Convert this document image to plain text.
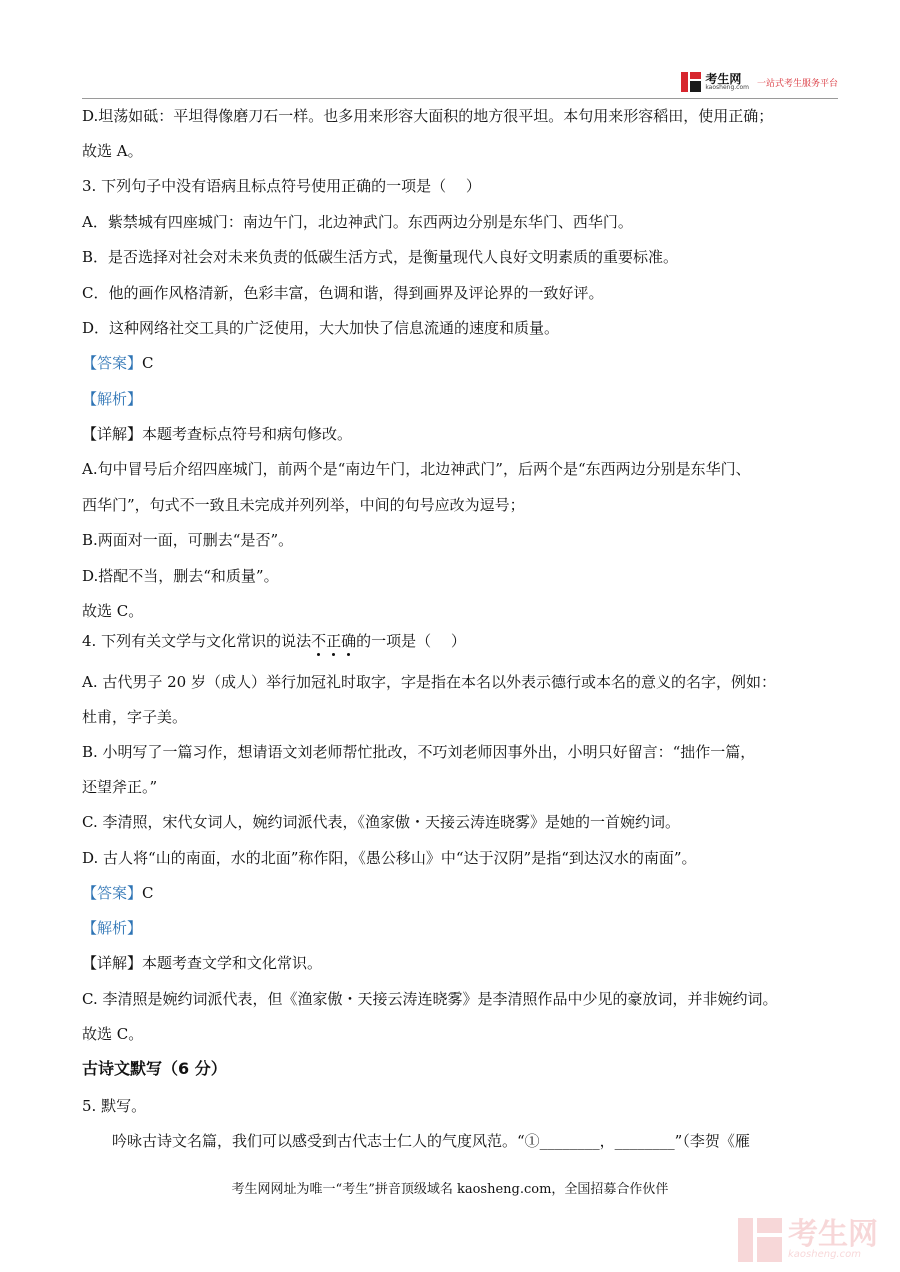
考生网
kaosheng.com 一站式考生服务平台
D.坦荡如砥：平坦得像磨刀石一样。也多用来形容大面积的地方很平坦。本句用来形容稻田，使用正确；
故选 A。
3. 下列句子中没有语病且标点符号使用正确的一项是（　 ）
A．紫禁城有四座城门：南边午门，北边神武门。东西两边分别是东华门、西华门。
B．是否选择对社会对未来负责的低碳生活方式，是衡量现代人良好文明素质的重要标准。
C．他的画作风格清新，色彩丰富，色调和谐，得到画界及评论界的一致好评。
D．这种网络社交工具的广泛使用，大大加快了信息流通的速度和质量。
【答案】C
【解析】
【详解】本题考查标点符号和病句修改。
A.句中冒号后介绍四座城门，前两个是“南边午门，北边神武门”，后两个是“东西两边分别是东华门、
西华门”，句式不一致且未完成并列列举，中间的句号应改为逗号；
B.两面对一面，可删去“是否”。
D.搭配不当，删去“和质量”。
故选 C。
4. 下列有关文学与文化常识的说法不正确的一项是（　 ）
A. 古代男子 20 岁（成人）举行加冠礼时取字，字是指在本名以外表示德行或本名的意义的名字，例如：
杜甫，字子美。
B. 小明写了一篇习作，想请语文刘老师帮忙批改，不巧刘老师因事外出，小明只好留言：“拙作一篇，
还望斧正。”
C. 李清照，宋代女词人，婉约词派代表，《渔家傲・天接云涛连晓雾》是她的一首婉约词。
D. 古人将“山的南面，水的北面”称作阳，《愚公移山》中“达于汉阴”是指“到达汉水的南面”。
【答案】C
【解析】
【详解】本题考查文学和文化常识。
C. 李清照是婉约词派代表，但《渔家傲・天接云涛连晓雾》是李清照作品中少见的豪放词，并非婉约词。
故选 C。
古诗文默写（6 分）
5. 默写。
吟咏古诗文名篇，我们可以感受到古代志士仁人的气度风范。“①________，________”（李贺《雁
考生网网址为唯一“考生”拼音顶级域名 kaosheng.com，全国招募合作伙伴
考生网
kaosheng.com
